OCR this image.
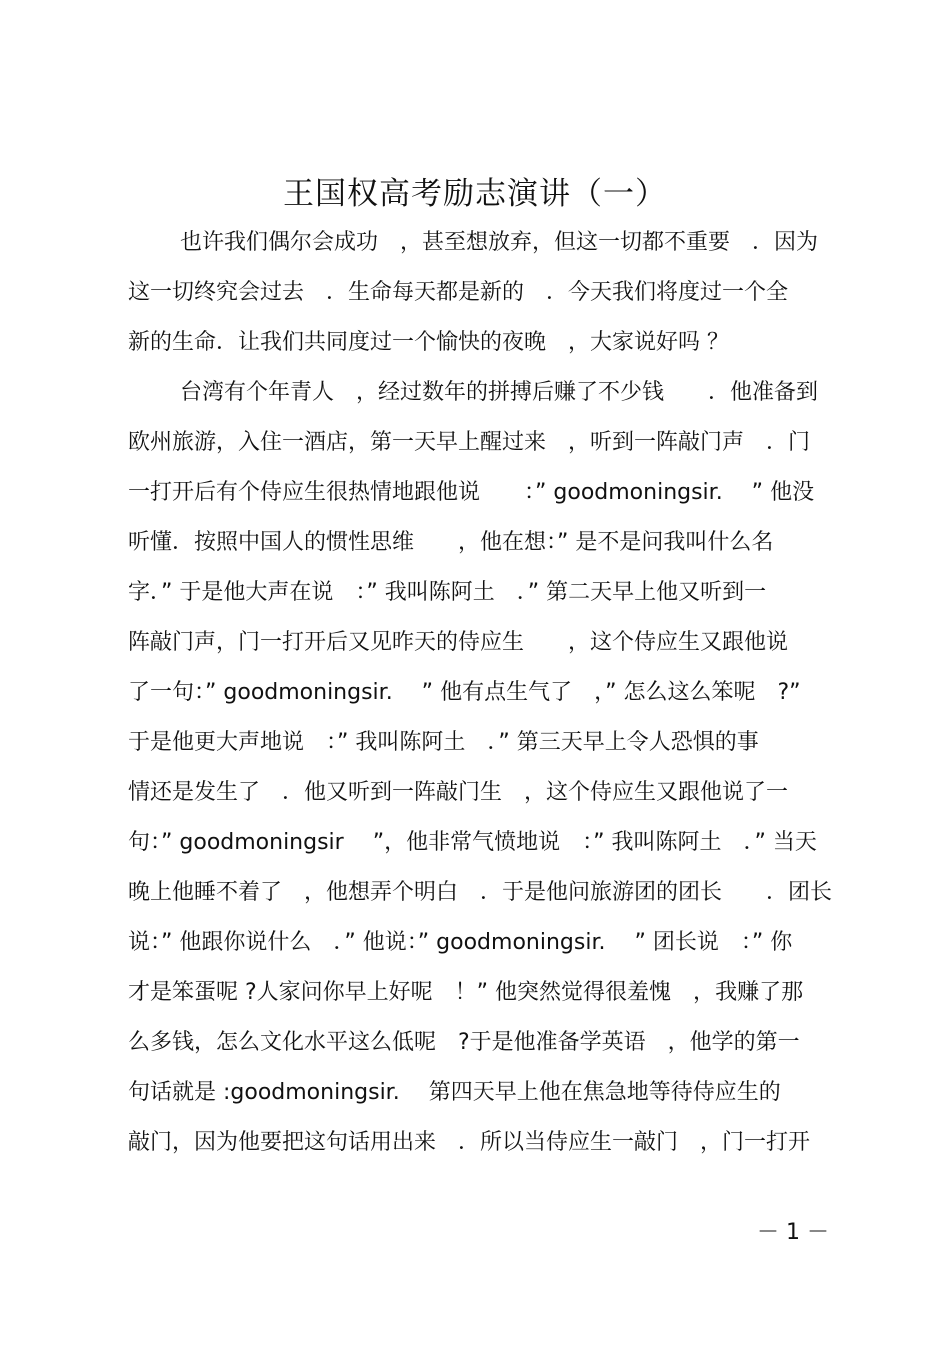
王国权高考励志演讲（一）
也许我们偶尔会成功　，甚至想放弃，但这一切都不重要　．因为
这一切终究会过去　．生命每天都是新的　．今天我们将度过一个全
新的生命．让我们共同度过一个愉快的夜晚　，大家说好吗 ？
台湾有个年青人　，经过数年的拼搏后赚了不少钱　　．他准备到
欧州旅游，入住一酒店，第一天早上醒过来　，听到一阵敲门声　．门
一打开后有个侍应生很热情地跟他说　　：” goodmoningsir. 　” 他没
听懂．按照中国人的惯性思维　　，他在想：” 是不是问我叫什么名
字．” 于是他大声在说　：” 我叫陈阿土　．” 第二天早上他又听到一
阵敲门声，门一打开后又见昨天的侍应生　　，这个侍应生又跟他说
了一句：” goodmoningsir. 　” 他有点生气了　，” 怎么这么笨呢　?”
于是他更大声地说　：” 我叫陈阿土　．” 第三天早上令人恐惧的事
情还是发生了　．他又听到一阵敲门生　，这个侍应生又跟他说了一
句：” goodmoningsir 　”，他非常气愤地说　：” 我叫陈阿土　．” 当天
晚上他睡不着了　，他想弄个明白　．于是他问旅游团的团长　　．团长
说：” 他跟你说什么　．” 他说：” goodmoningsir. 　” 团长说　：” 你
才是笨蛋呢 ?人家问你早上好呢　！” 他突然觉得很羞愧　，我赚了那
么多钱，怎么文化水平这么低呢　?于是他准备学英语　，他学的第一
句话就是 :goodmoningsir. 　第四天早上他在焦急地等待侍应生的
敲门，因为他要把这句话用出来　．所以当侍应生一敲门　，门一打开
－ 1 －
